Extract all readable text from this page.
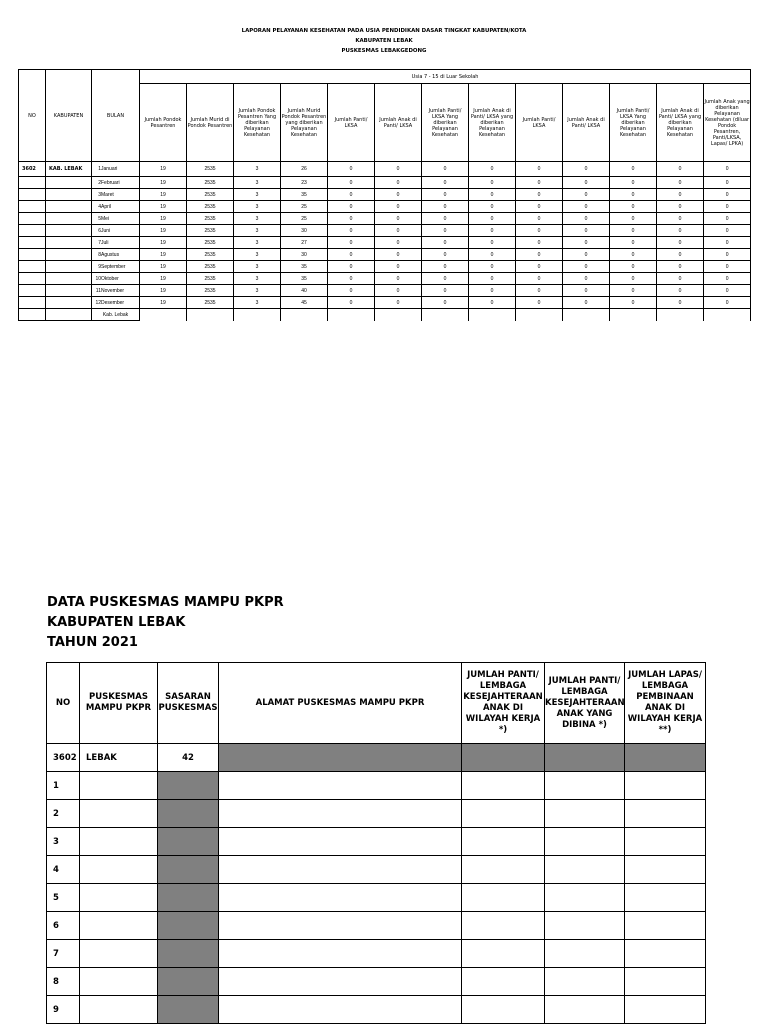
LAPORAN PELAYANAN KESEHATAN PADA USIA PENDIDIKAN DASAR TINGKAT KABUPATEN/KOTA
KABUPATEN LEBAK
PUSKESMAS LEBAKGEDONG
NO	KABUPATEN	BULAN	Usia 7 - 15 di Luar Sekolah												
			Jumlah Pondok Pesantren	Jumlah Murid di Pondok Pesantren	Jumlah Pondok Pesantren Yang diberikan Pelayanan Kesehatan	Jumlah Murid Pondok Pesantren yang diberikan Pelayanan Kesehatan	Jumlah Panti/ LKSA	Jumlah Anak di Panti/ LKSA	Jumlah Panti/ LKSA Yang diberikan Pelayanan Kesehatan	Jumlah Anak di Panti/ LKSA yang diberikan Pelayanan Kesehatan	Jumlah Panti/ LKSA	Jumlah Anak di Panti/ LKSA	Jumlah Panti/ LKSA Yang diberikan Pelayanan Kesehatan	Jumlah Anak di Panti/ LKSA yang diberikan Pelayanan Kesehatan	Jumlah Anak yang diberikan Pelayanan Kesehatan (diluar Pondok Pesantren, Panti/LKSA, Lapas/ LPKA)
3602	KAB. LEBAK	1Januari	19	2535	3	26	0	0	0	0	0	0	0	0	0
		2Februari	19	2535	3	23	0	0	0	0	0	0	0	0	0
		3Maret	19	2535	3	35	0	0	0	0	0	0	0	0	0
		4April	19	2535	3	25	0	0	0	0	0	0	0	0	0
		5Mei	19	2535	3	25	0	0	0	0	0	0	0	0	0
		6Juni	19	2535	3	30	0	0	0	0	0	0	0	0	0
		7Juli	19	2535	3	27	0	0	0	0	0	0	0	0	0
		8Agustus	19	2535	3	30	0	0	0	0	0	0	0	0	0
		9September	19	2535	3	35	0	0	0	0	0	0	0	0	0
		10Oktober	19	2535	3	35	0	0	0	0	0	0	0	0	0
		11November	19	2535	3	40	0	0	0	0	0	0	0	0	0
		12Desember	19	2535	3	45	0	0	0	0	0	0	0	0	0
		Kab. Lebak													
DATA PUSKESMAS MAMPU PKPR
KABUPATEN LEBAK
TAHUN 2021
NO	PUSKESMAS MAMPU PKPR	SASARAN PUSKESMAS	ALAMAT PUSKESMAS MAMPU PKPR	JUMLAH PANTI/ LEMBAGA KESEJAHTERAAN ANAK DI WILAYAH KERJA *)	JUMLAH PANTI/ LEMBAGA KESEJAHTERAAN ANAK YANG DIBINA *)	JUMLAH LAPAS/ LEMBAGA PEMBINAAN ANAK DI WILAYAH KERJA **)
3602	LEBAK	42				
1						
2						
3						
4						
5						
6						
7						
8						
9						
